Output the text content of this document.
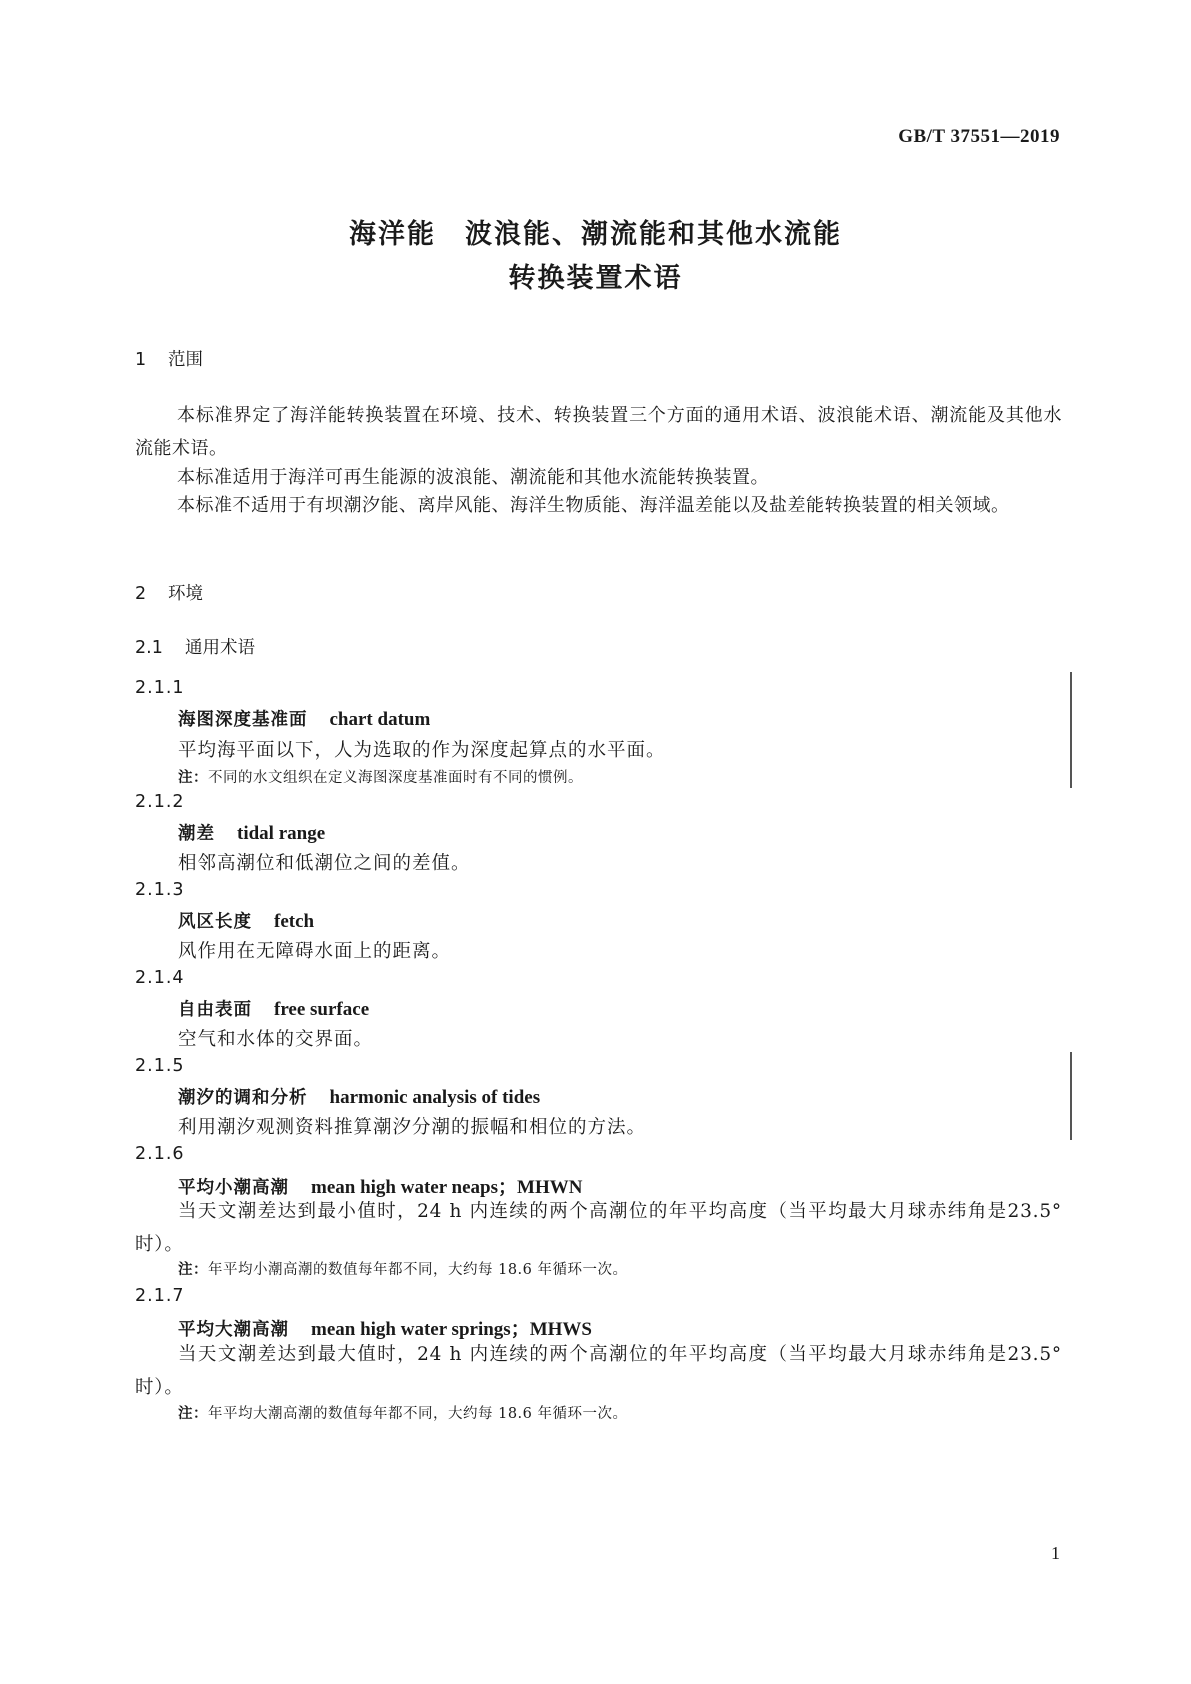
GB/T 37551—2019
海洋能　波浪能、潮流能和其他水流能
转换装置术语
1 范围
本标准界定了海洋能转换装置在环境、技术、转换装置三个方面的通用术语、波浪能术语、潮流能及其他水流能术语。
本标准适用于海洋可再生能源的波浪能、潮流能和其他水流能转换装置。
本标准不适用于有坝潮汐能、离岸风能、海洋生物质能、海洋温差能以及盐差能转换装置的相关领域。
2 环境
2.1 通用术语
2.1.1
海图深度基准面 chart datum
平均海平面以下，人为选取的作为深度起算点的水平面。
注：不同的水文组织在定义海图深度基准面时有不同的惯例。
2.1.2
潮差 tidal range
相邻高潮位和低潮位之间的差值。
2.1.3
风区长度 fetch
风作用在无障碍水面上的距离。
2.1.4
自由表面 free surface
空气和水体的交界面。
2.1.5
潮汐的调和分析 harmonic analysis of tides
利用潮汐观测资料推算潮汐分潮的振幅和相位的方法。
2.1.6
平均小潮高潮 mean high water neaps；MHWN
当天文潮差达到最小值时，24 h 内连续的两个高潮位的年平均高度（当平均最大月球赤纬角是23.5°时）。
注：年平均小潮高潮的数值每年都不同，大约每 18.6 年循环一次。
2.1.7
平均大潮高潮 mean high water springs；MHWS
当天文潮差达到最大值时，24 h 内连续的两个高潮位的年平均高度（当平均最大月球赤纬角是23.5°时）。
注：年平均大潮高潮的数值每年都不同，大约每 18.6 年循环一次。
1
